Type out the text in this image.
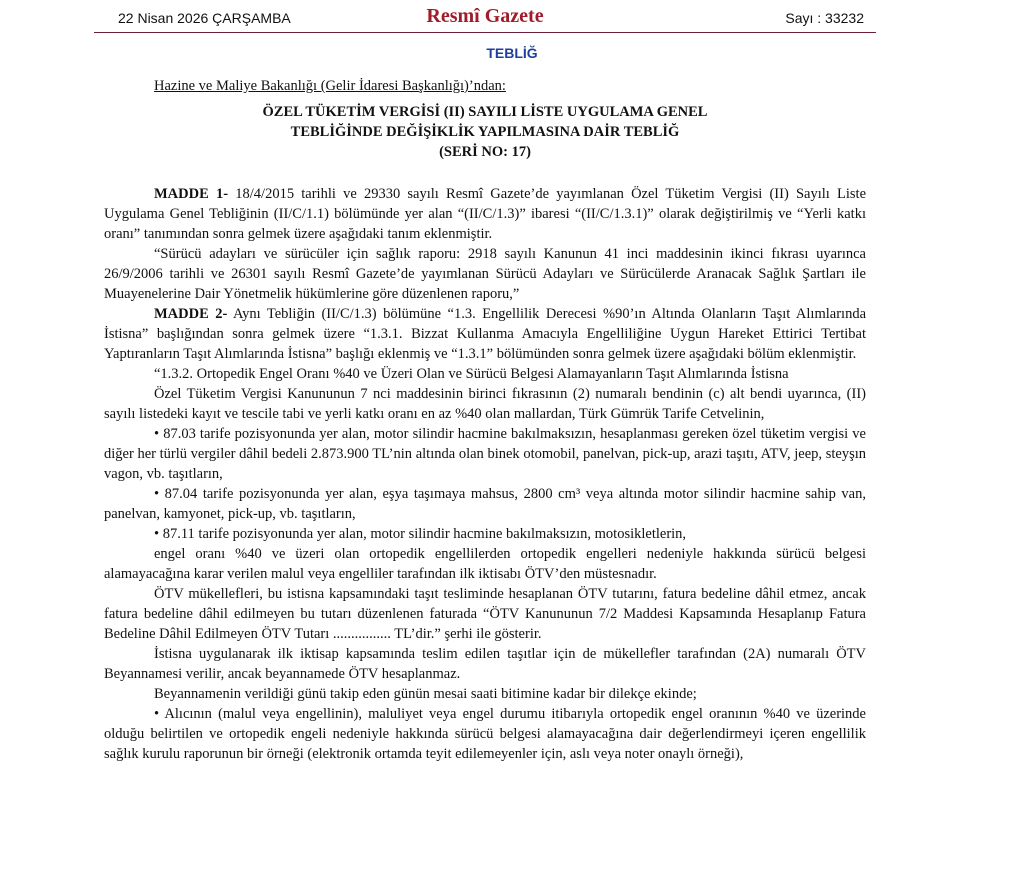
22 Nisan 2026 ÇARŞAMBA	Resmî Gazete	Sayı : 33232
TEBLİĞ

Hazine ve Maliye Bakanlığı (Gelir İdaresi Başkanlığı)’ndan:

ÖZEL TÜKETİM VERGİSİ (II) SAYILI LİSTE UYGULAMA GENEL
TEBLİĞİNDE DEĞİŞİKLİK YAPILMASINA DAİR TEBLİĞ
(SERİ NO: 17)

MADDE 1- 18/4/2015 tarihli ve 29330 sayılı Resmî Gazete’de yayımlanan Özel Tüketim Vergisi (II) Sayılı Liste Uygulama Genel Tebliğinin (II/C/1.1) bölümünde yer alan “(II/C/1.3)” ibaresi “(II/C/1.3.1)” olarak değiştirilmiş ve “Yerli katkı oranı” tanımından sonra gelmek üzere aşağıdaki tanım eklenmiştir.

“Sürücü adayları ve sürücüler için sağlık raporu: 2918 sayılı Kanunun 41 inci maddesinin ikinci fıkrası uyarınca 26/9/2006 tarihli ve 26301 sayılı Resmî Gazete’de yayımlanan Sürücü Adayları ve Sürücülerde Aranacak Sağlık Şartları ile Muayenelerine Dair Yönetmelik hükümlerine göre düzenlenen raporu,”

MADDE 2- Aynı Tebliğin (II/C/1.3) bölümüne “1.3. Engellilik Derecesi %90’ın Altında Olanların Taşıt Alımlarında İstisna” başlığından sonra gelmek üzere “1.3.1. Bizzat Kullanma Amacıyla Engelliliğine Uygun Hareket Ettirici Tertibat Yaptıranların Taşıt Alımlarında İstisna” başlığı eklenmiş ve “1.3.1” bölümünden sonra gelmek üzere aşağıdaki bölüm eklenmiştir.

“1.3.2. Ortopedik Engel Oranı %40 ve Üzeri Olan ve Sürücü Belgesi Alamayanların Taşıt Alımlarında İstisna

Özel Tüketim Vergisi Kanununun 7 nci maddesinin birinci fıkrasının (2) numaralı bendinin (c) alt bendi uyarınca, (II) sayılı listedeki kayıt ve tescile tabi ve yerli katkı oranı en az %40 olan mallardan, Türk Gümrük Tarife Cetvelinin,

• 87.03 tarife pozisyonunda yer alan, motor silindir hacmine bakılmaksızın, hesaplanması gereken özel tüketim vergisi ve diğer her türlü vergiler dâhil bedeli 2.873.900 TL’nin altında olan binek otomobil, panelvan, pick-up, arazi taşıtı, ATV, jeep, steyşın vagon, vb. taşıtların,

• 87.04 tarife pozisyonunda yer alan, eşya taşımaya mahsus, 2800 cm³ veya altında motor silindir hacmine sahip van, panelvan, kamyonet, pick-up, vb. taşıtların,

• 87.11 tarife pozisyonunda yer alan, motor silindir hacmine bakılmaksızın, motosikletlerin,

engel oranı %40 ve üzeri olan ortopedik engellilerden ortopedik engelleri nedeniyle hakkında sürücü belgesi alamayacağına karar verilen malul veya engelliler tarafından ilk iktisabı ÖTV’den müstesnadır.

ÖTV mükellefleri, bu istisna kapsamındaki taşıt tesliminde hesaplanan ÖTV tutarını, fatura bedeline dâhil etmez, ancak fatura bedeline dâhil edilmeyen bu tutarı düzenlenen faturada “ÖTV Kanununun 7/2 Maddesi Kapsamında Hesaplanıp Fatura Bedeline Dâhil Edilmeyen ÖTV Tutarı ................ TL’dir.” şerhi ile gösterir.

İstisna uygulanarak ilk iktisap kapsamında teslim edilen taşıtlar için de mükellefler tarafından (2A) numaralı ÖTV Beyannamesi verilir, ancak beyannamede ÖTV hesaplanmaz.

Beyannamenin verildiği günü takip eden günün mesai saati bitimine kadar bir dilekçe ekinde;

• Alıcının (malul veya engellinin), maluliyet veya engel durumu itibarıyla ortopedik engel oranının %40 ve üzerinde olduğu belirtilen ve ortopedik engeli nedeniyle hakkında sürücü belgesi alamayacağına dair değerlendirmeyi içeren engellilik sağlık kurulu raporunun bir örneği (elektronik ortamda teyit edilemeyenler için, aslı veya noter onaylı örneği),
